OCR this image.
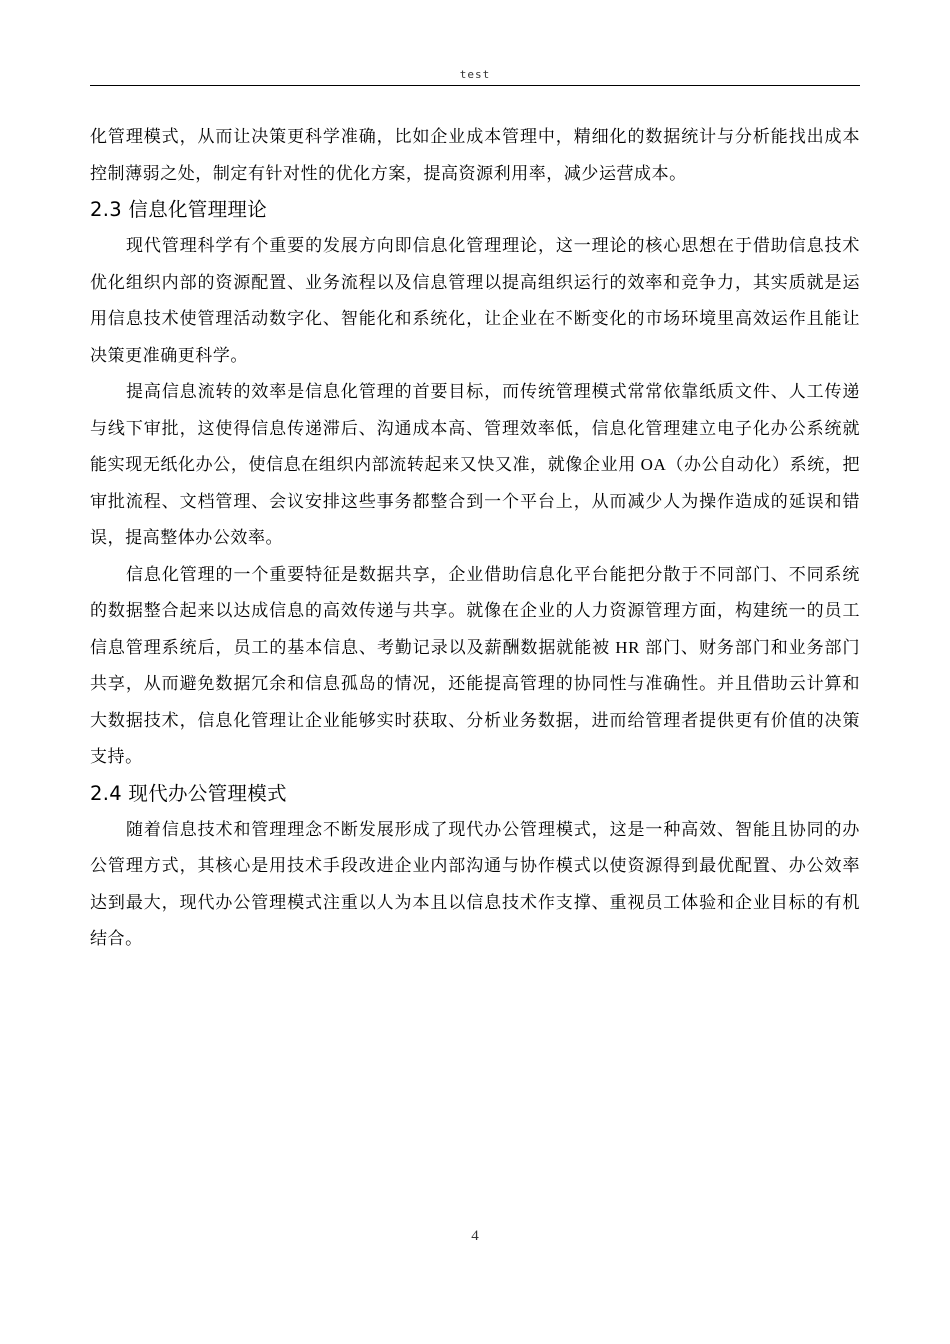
test

化管理模式，从而让决策更科学准确，比如企业成本管理中，精细化的数据统计与分析能找出成本控制薄弱之处，制定有针对性的优化方案，提高资源利用率，减少运营成本。

2.3 信息化管理理论

现代管理科学有个重要的发展方向即信息化管理理论，这一理论的核心思想在于借助信息技术优化组织内部的资源配置、业务流程以及信息管理以提高组织运行的效率和竞争力，其实质就是运用信息技术使管理活动数字化、智能化和系统化，让企业在不断变化的市场环境里高效运作且能让决策更准确更科学。

提高信息流转的效率是信息化管理的首要目标，而传统管理模式常常依靠纸质文件、人工传递与线下审批，这使得信息传递滞后、沟通成本高、管理效率低，信息化管理建立电子化办公系统就能实现无纸化办公，使信息在组织内部流转起来又快又准，就像企业用 OA（办公自动化）系统，把审批流程、文档管理、会议安排这些事务都整合到一个平台上，从而减少人为操作造成的延误和错误，提高整体办公效率。

信息化管理的一个重要特征是数据共享，企业借助信息化平台能把分散于不同部门、不同系统的数据整合起来以达成信息的高效传递与共享。就像在企业的人力资源管理方面，构建统一的员工信息管理系统后，员工的基本信息、考勤记录以及薪酬数据就能被 HR 部门、财务部门和业务部门共享，从而避免数据冗余和信息孤岛的情况，还能提高管理的协同性与准确性。并且借助云计算和大数据技术，信息化管理让企业能够实时获取、分析业务数据，进而给管理者提供更有价值的决策支持。

2.4 现代办公管理模式

随着信息技术和管理理念不断发展形成了现代办公管理模式，这是一种高效、智能且协同的办公管理方式，其核心是用技术手段改进企业内部沟通与协作模式以使资源得到最优配置、办公效率达到最大，现代办公管理模式注重以人为本且以信息技术作支撑、重视员工体验和企业目标的有机结合。

4
